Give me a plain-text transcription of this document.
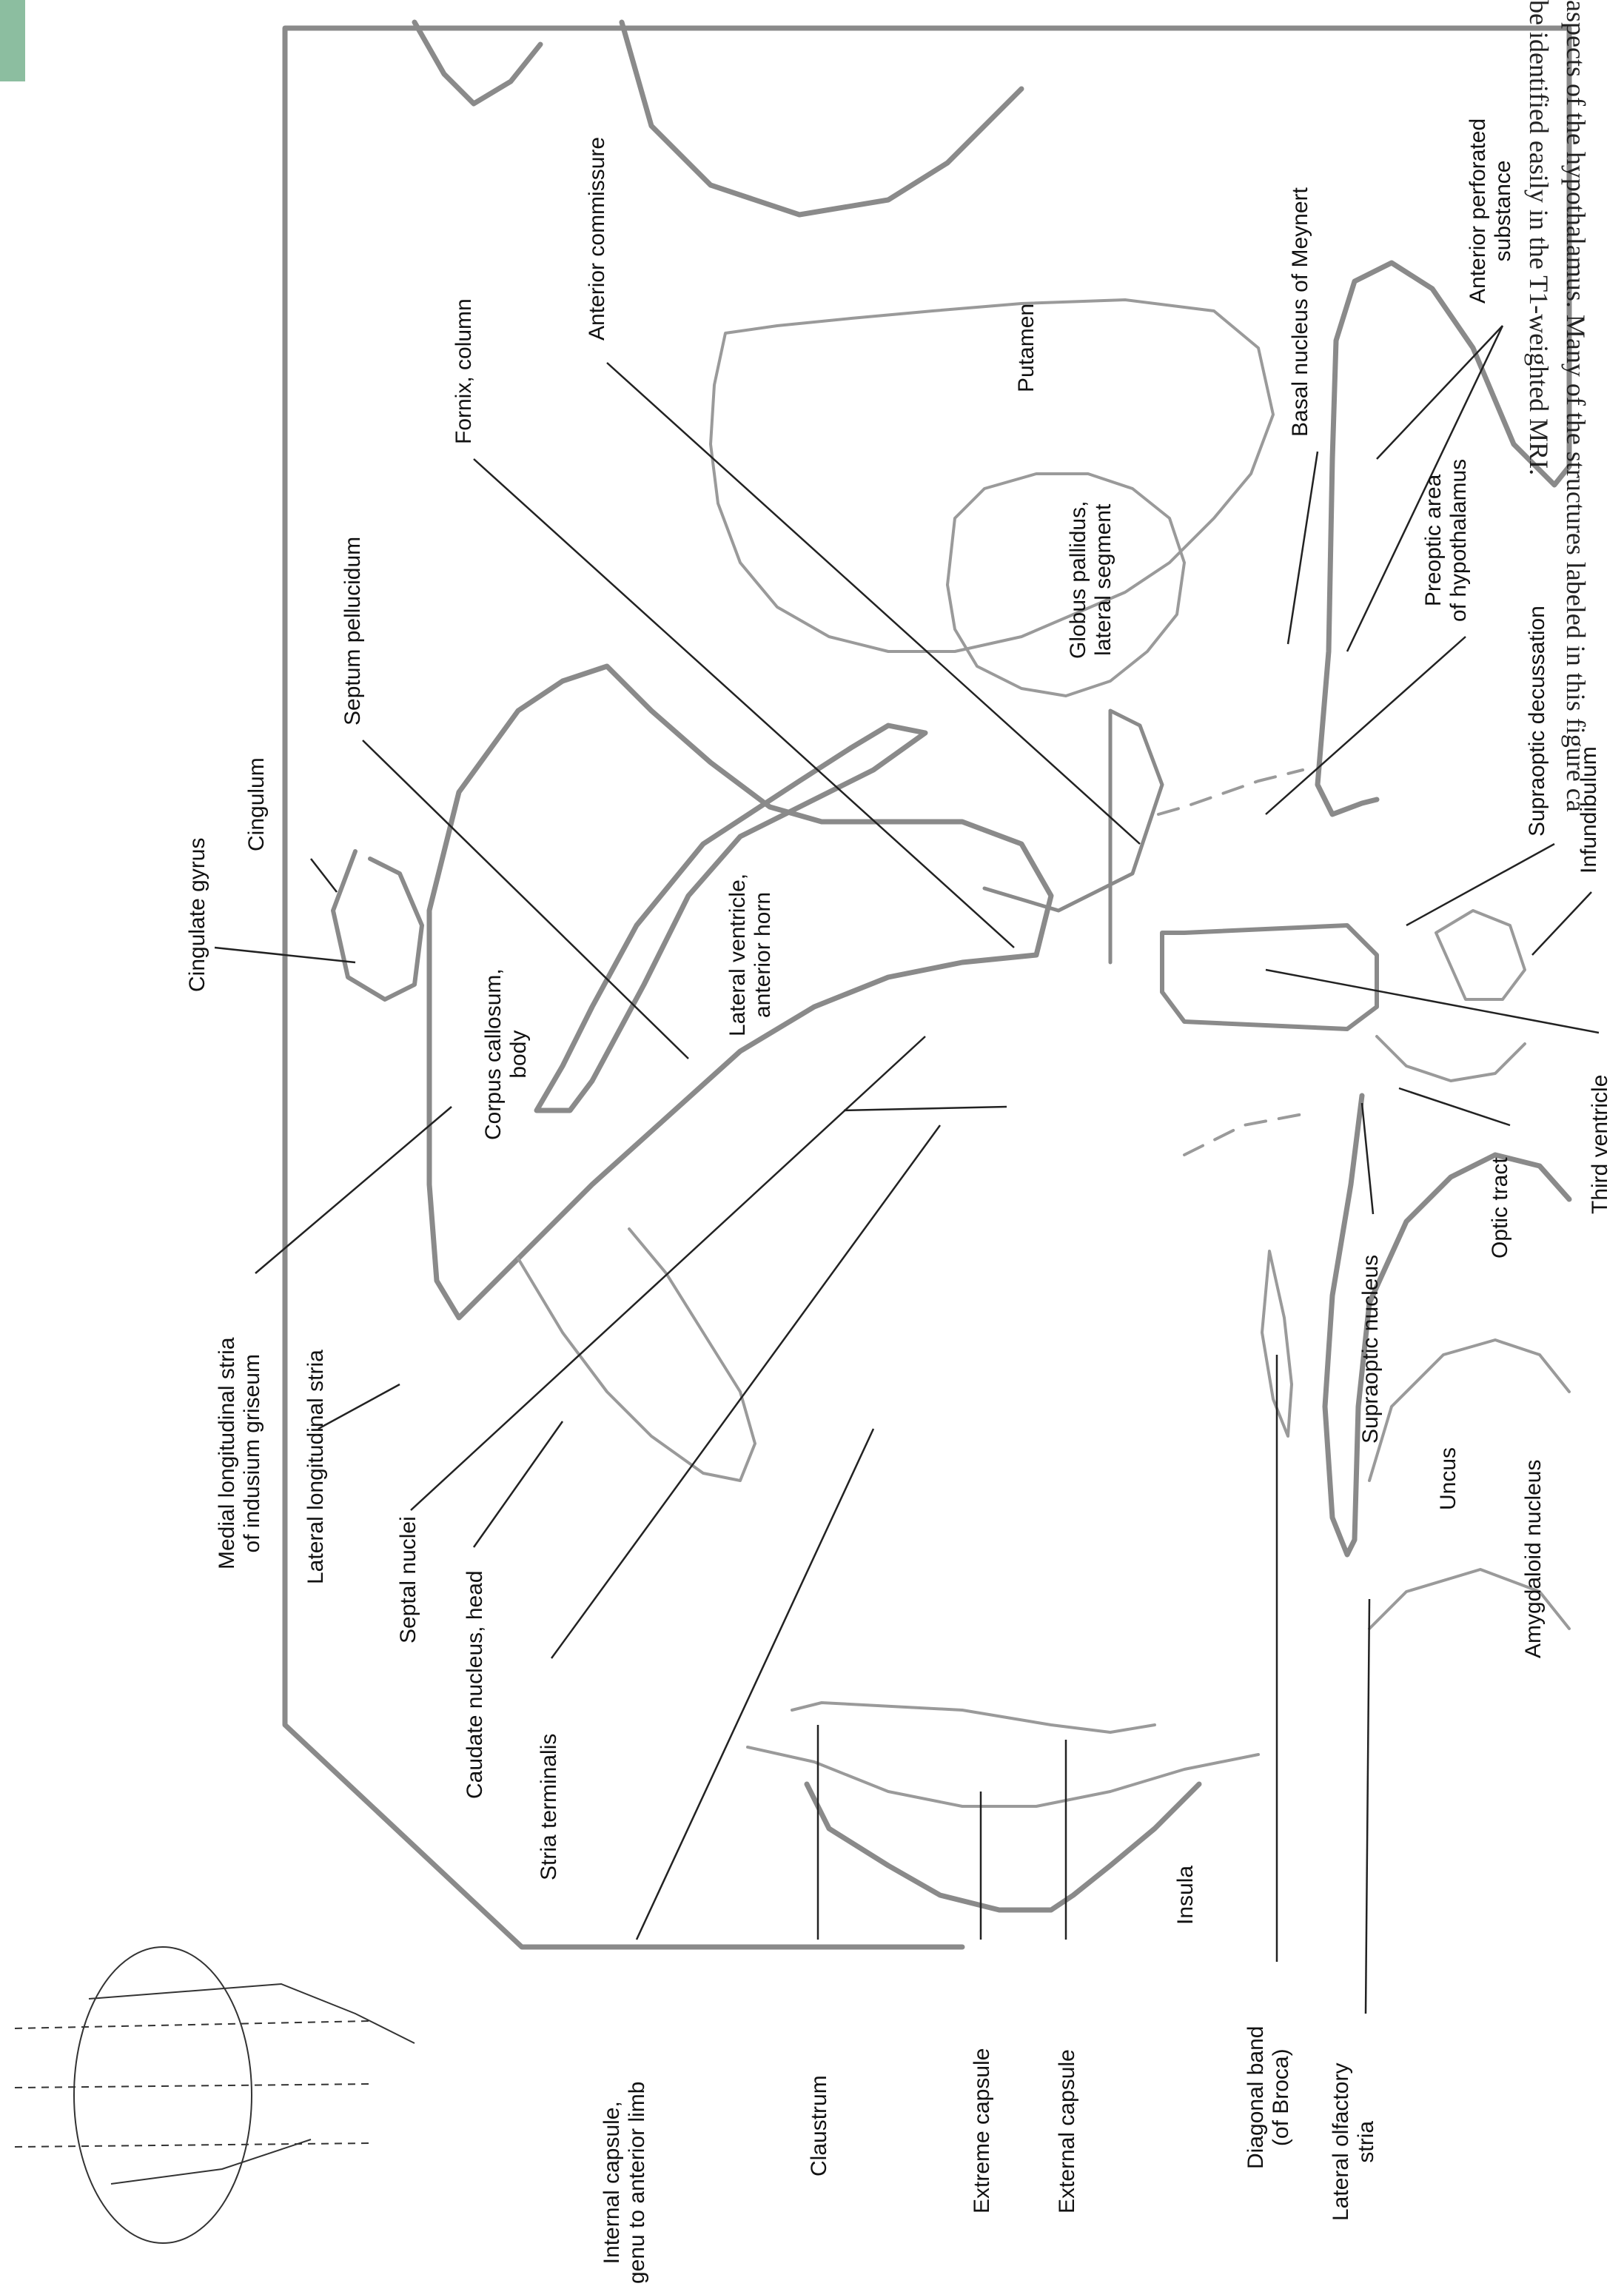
aspects of the hypothalamus. Many of the structures labeled in this figure ca
be identified easily in the T1-weighted MRI.
Cingulate gyrus
Cingulum
Septum pellucidum
Fornix, column
Anterior commissure
Putamen	Basal nucleus of Meynert	Anterior perforated substance
Globus pallidus, lateral segment	Preoptic area of hypothalamus
Supraoptic decussation Infundibulum
Lateral ventricle, anterior horn
Corpus callosum, body
Medial longitudinal stria of indusium griseum Lateral longitudinal stria	Septal nuclei Caudate nucleus, head
Stria terminalis
Third ventricle
Optic tract
Supraoptic nucleus
Uncus	Amygdaloid nucleus
Lateral olfactory stria
Diagonal band (of Broca)
External capsule
Extreme capsule
Claustrum
Internal capsule, genu to anterior limb
Insula
